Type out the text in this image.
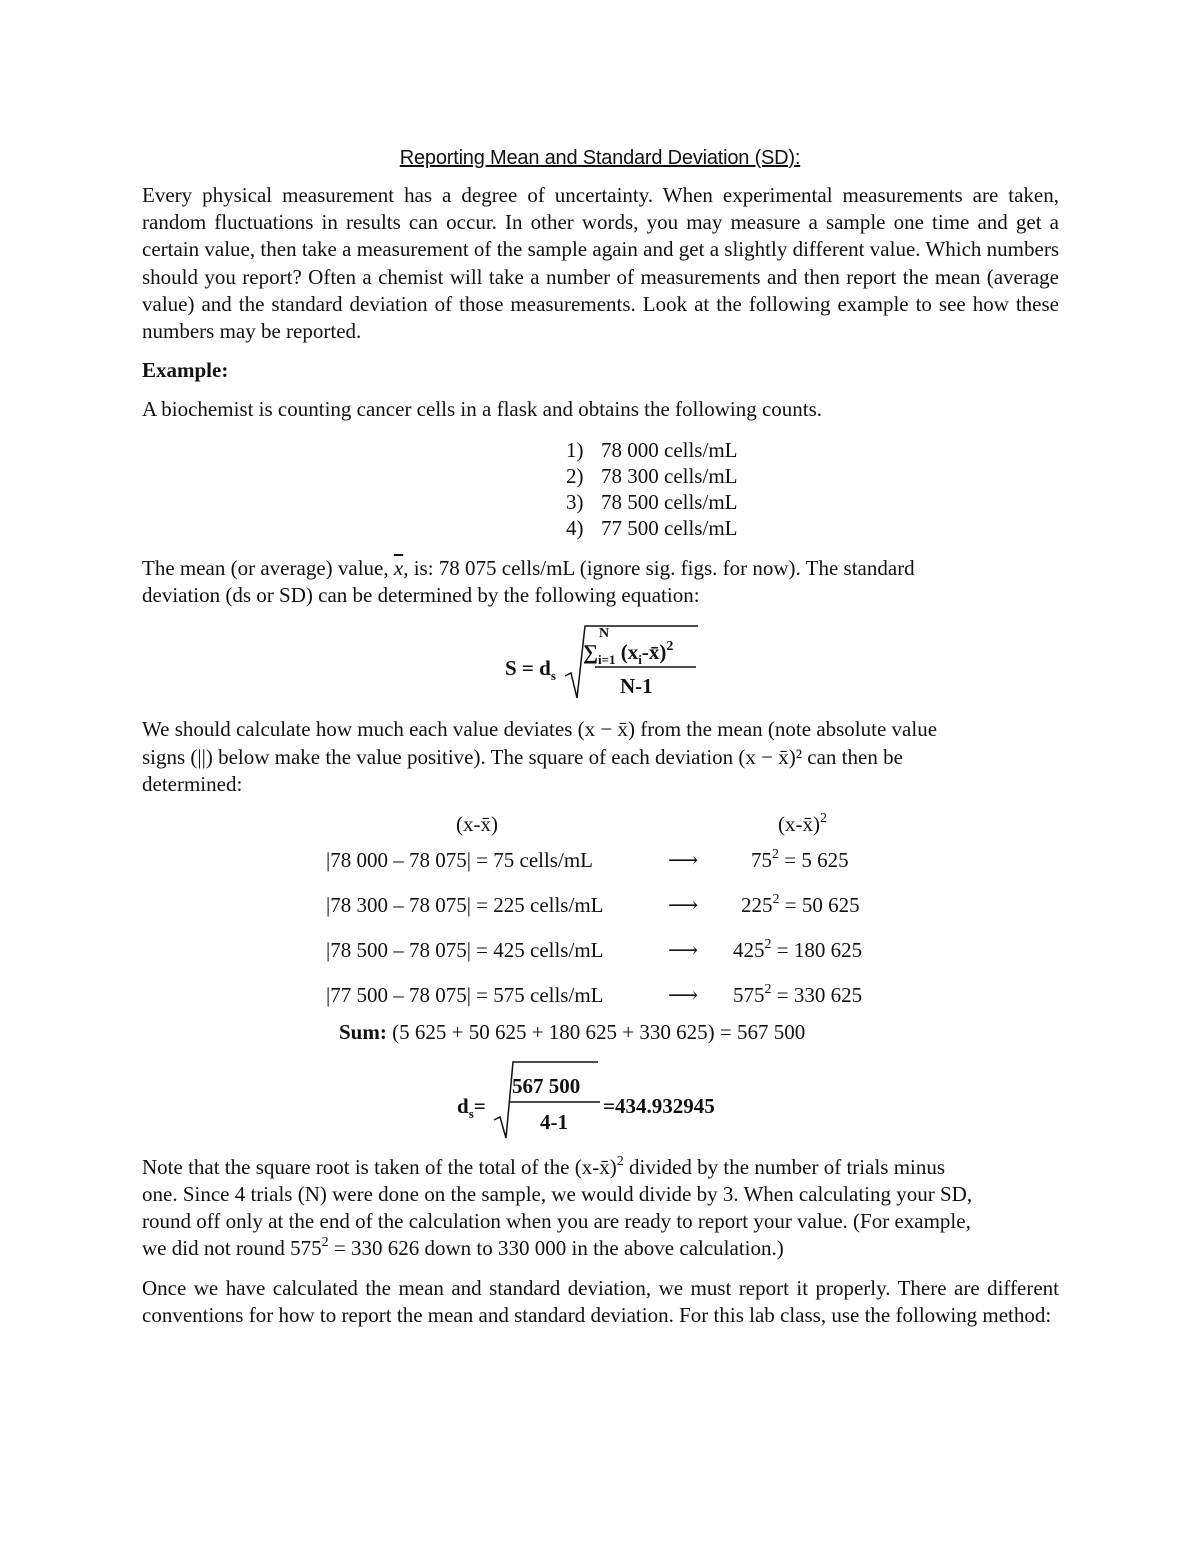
Reporting Mean and Standard Deviation (SD):
Every physical measurement has a degree of uncertainty. When experimental measurements are taken, random fluctuations in results can occur. In other words, you may measure a sample one time and get a certain value, then take a measurement of the sample again and get a slightly different value. Which numbers should you report? Often a chemist will take a number of measurements and then report the mean (average value) and the standard deviation of those measurements. Look at the following example to see how these numbers may be reported.
Example:
A biochemist is counting cancer cells in a flask and obtains the following counts.
1) 78 000 cells/mL
2) 78 300 cells/mL
3) 78 500 cells/mL
4) 77 500 cells/mL
The mean (or average) value, $\overline{x}$, is: 78 075 cells/mL (ignore sig. figs. for now). The standard
deviation (ds or SD) can be determined by the following equation:
$S = d_s$
∑
N
$_{i=1}$ $(x_i-x̄)^2$
N-1
We should calculate how much each value deviates (x − x̄) from the mean (note absolute value
signs (||) below make the value positive). The square of each deviation (x − x̄)² can then be
determined:
(x-x̄)	(x-x̄)$^2$
|78 000 – 78 075| = 75 cells/mL	⟶	$75^2 = 5$ 625
|78 300 – 78 075| = 225 cells/mL	⟶ $225^2 = 50$ 625
|78 500 – 78 075| = 425 cells/mL	⟶ $425^2 = 180$ 625
|77 500 – 78 075| = 575 cells/mL	⟶ $575^2 = 330$ 625
Sum: (5 625 + 50 625 + 180 625 + 330 625) = 567 500
$d_s=$
567 500
4-1
=434.932945
Note that the square root is taken of the total of the (x-x̄)$^2$ divided by the number of trials minus
one. Since 4 trials (N) were done on the sample, we would divide by 3. When calculating your SD,
round off only at the end of the calculation when you are ready to report your value. (For example,
we did not round $575^2 = 330$ 626 down to 330 000 in the above calculation.)
Once we have calculated the mean and standard deviation, we must report it properly. There are different conventions for how to report the mean and standard deviation. For this lab class, use the following method:
